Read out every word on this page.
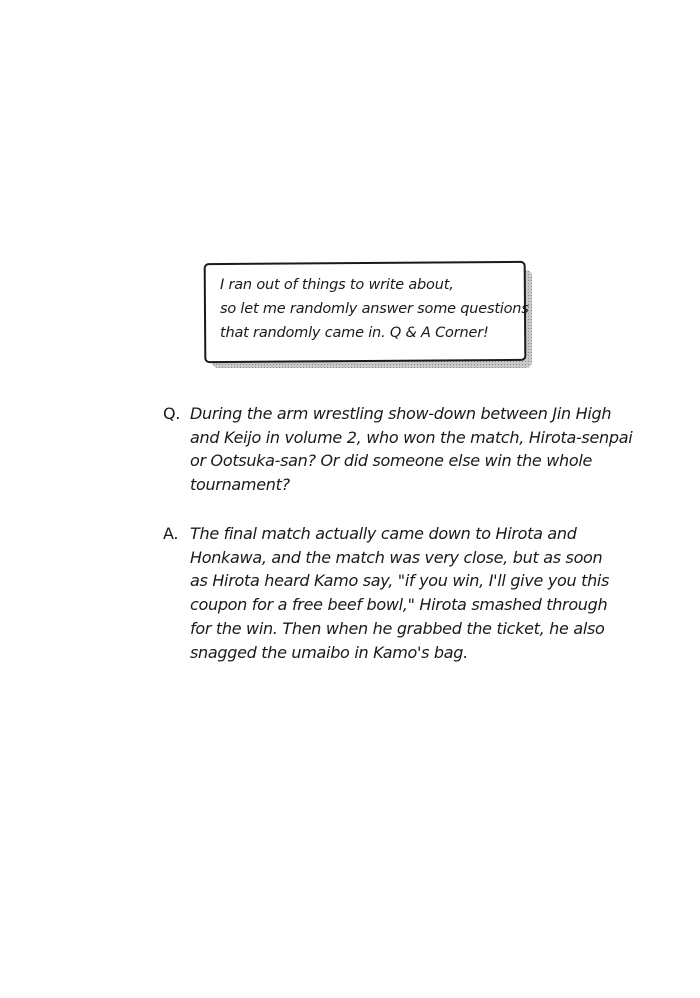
I ran out of things to write about,
so let me randomly answer some questions
that randomly came in. Q & A Corner!
Q. During the arm wrestling show-down between Jin High
and Keijo in volume 2, who won the match, Hirota-senpai
or Ootsuka-san? Or did someone else win the whole
tournament?
A. The final match actually came down to Hirota and
Honkawa, and the match was very close, but as soon
as Hirota heard Kamo say, "if you win, I'll give you this
coupon for a free beef bowl," Hirota smashed through
for the win. Then when he grabbed the ticket, he also
snagged the umaibo in Kamo's bag.
